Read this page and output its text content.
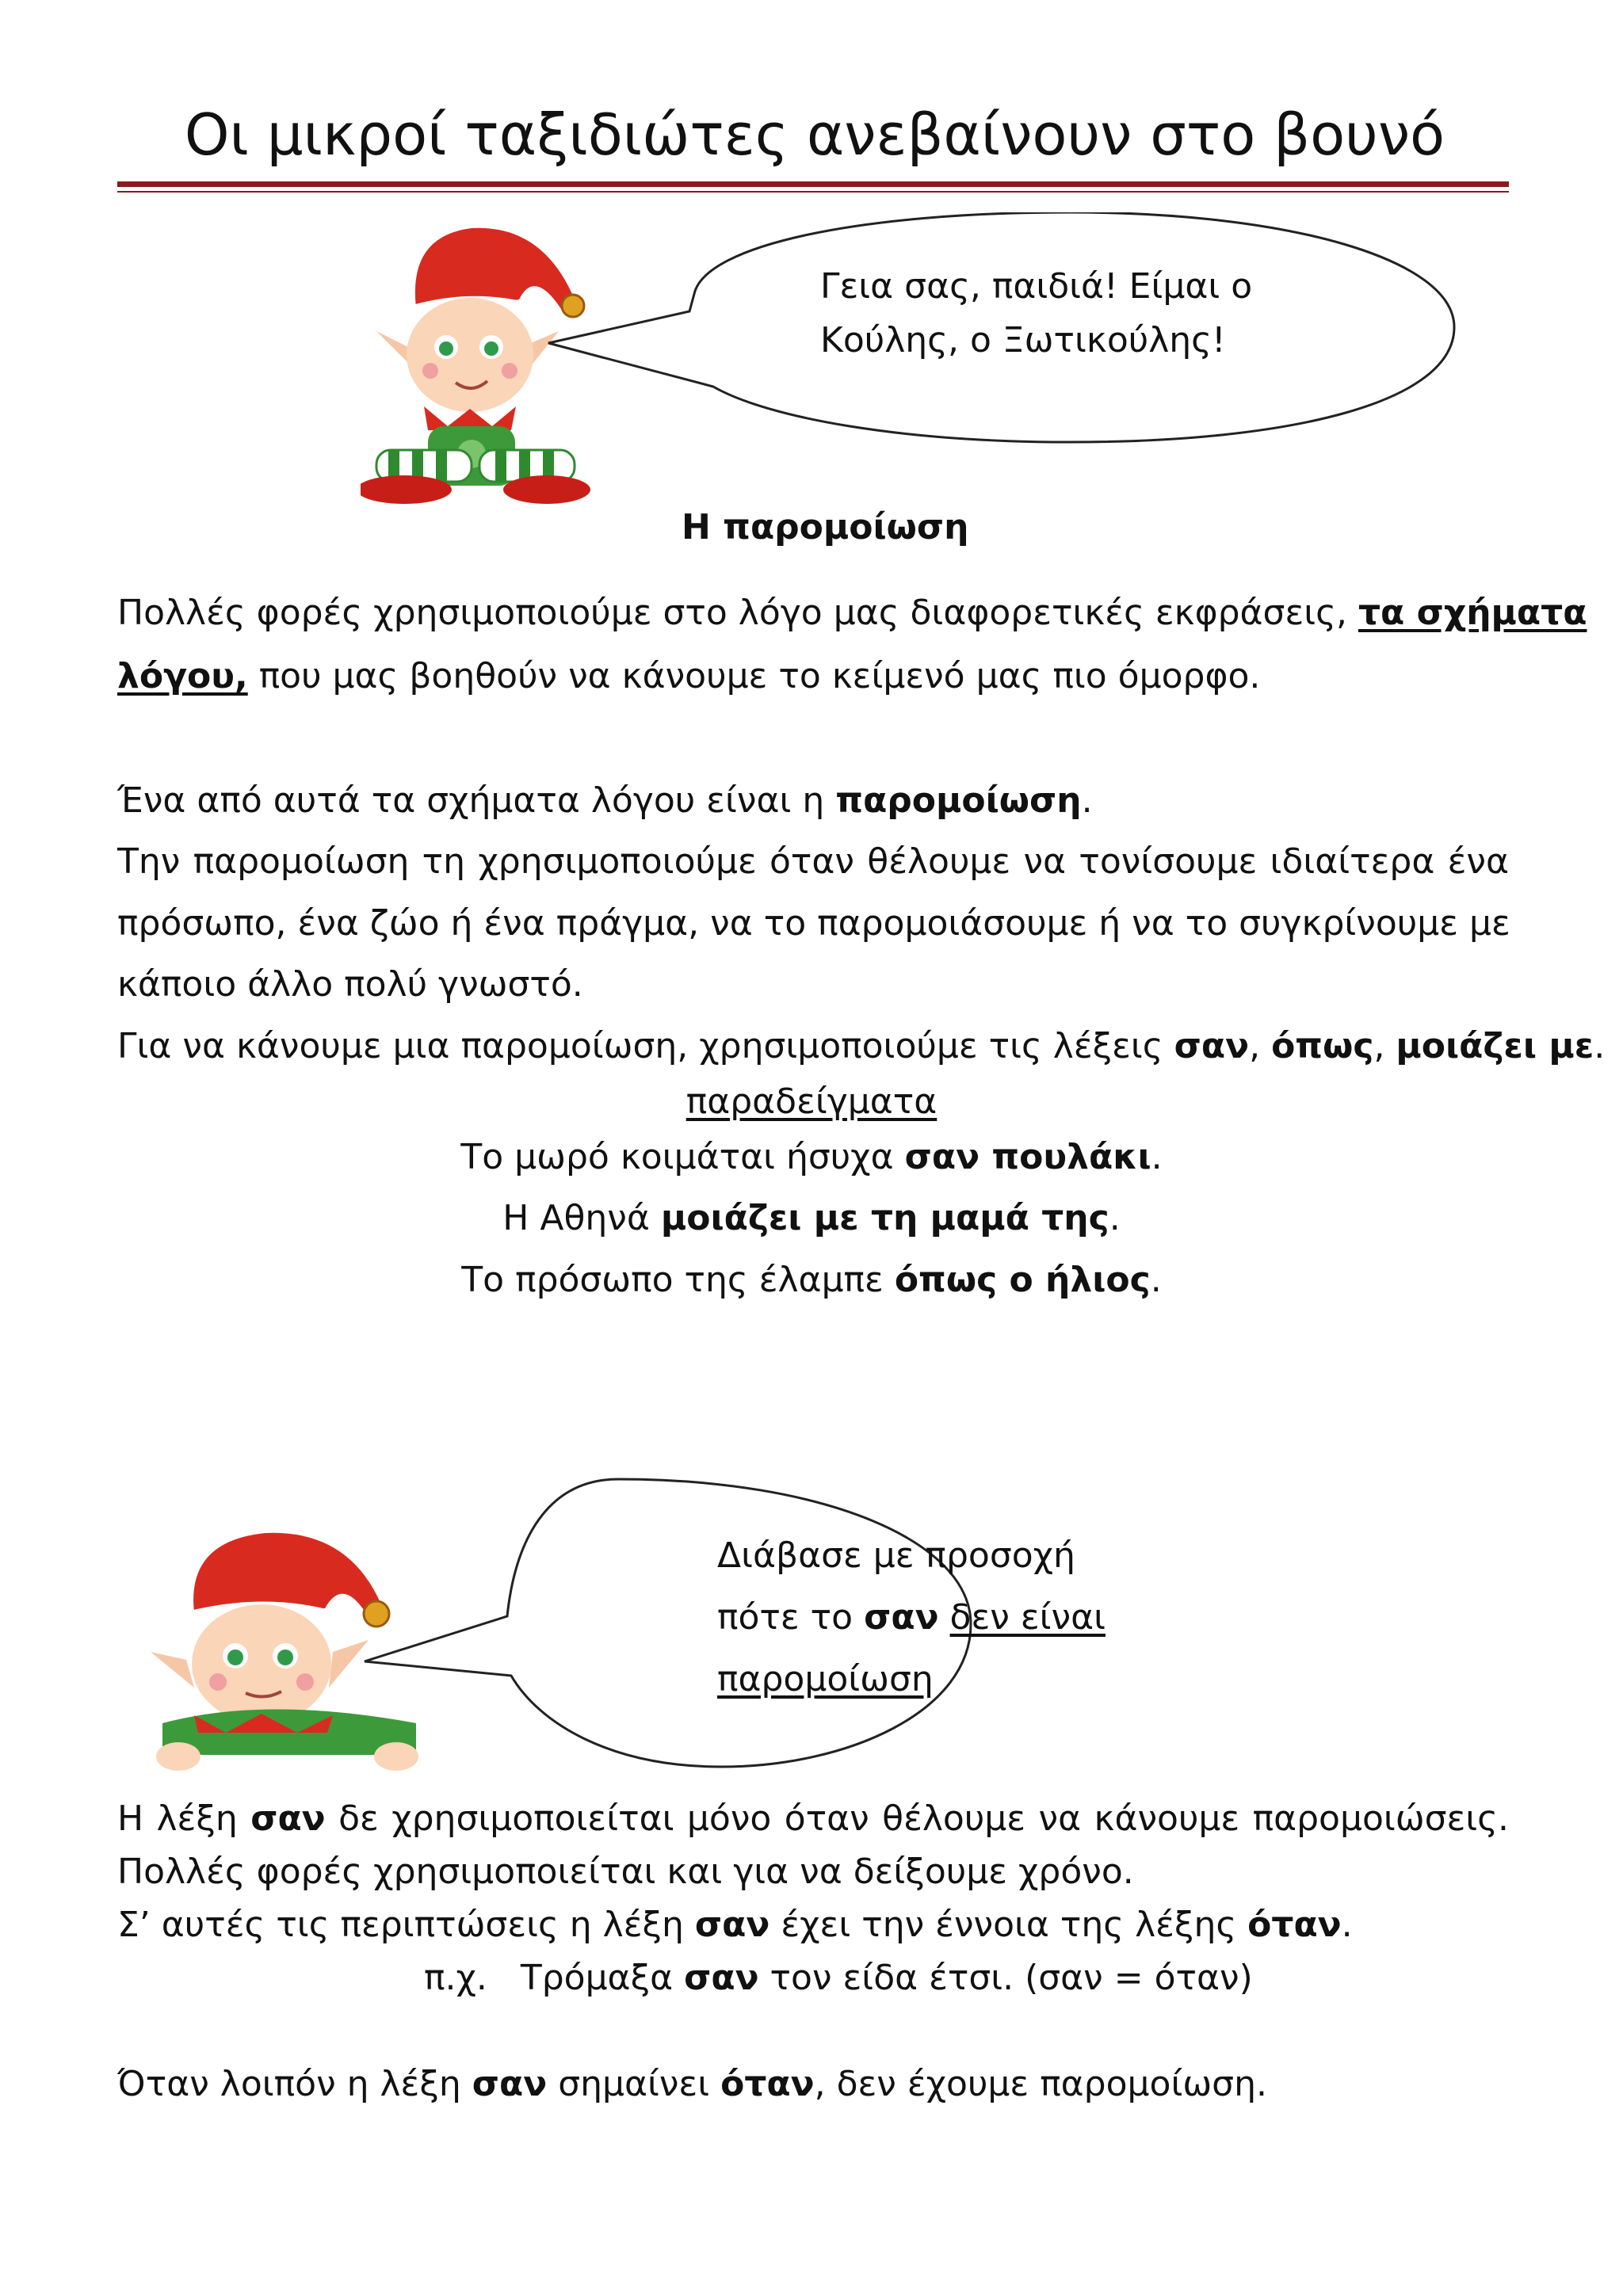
Οι μικροί ταξιδιώτες ανεβαίνουν στο βουνό
Γεια σας, παιδιά! Είμαι ο
Κούλης, ο Ξωτικούλης!
Η παρομοίωση
Πολλές φορές χρησιμοποιούμε στο λόγο μας διαφορετικές εκφράσεις, τα σχήματα
λόγου, που μας βοηθούν να κάνουμε το κείμενό μας πιο όμορφο.
Ένα από αυτά τα σχήματα λόγου είναι η παρομοίωση.
Την παρομοίωση τη χρησιμοποιούμε όταν θέλουμε να τονίσουμε ιδιαίτερα ένα
πρόσωπο, ένα ζώο ή ένα πράγμα, να το παρομοιάσουμε ή να το συγκρίνουμε με
κάποιο άλλο πολύ γνωστό.
Για να κάνουμε μια παρομοίωση, χρησιμοποιούμε τις λέξεις σαν, όπως, μοιάζει με.
παραδείγματα
Το μωρό κοιμάται ήσυχα σαν πουλάκι.
Η Αθηνά μοιάζει με τη μαμά της.
Το πρόσωπο της έλαμπε όπως ο ήλιος.
Διάβασε με προσοχή
πότε το σαν δεν είναι
παρομοίωση
Η λέξη σαν δε χρησιμοποιείται μόνο όταν θέλουμε να κάνουμε παρομοιώσεις.
Πολλές φορές χρησιμοποιείται και για να δείξουμε χρόνο.
Σ’ αυτές τις περιπτώσεις η λέξη σαν έχει την έννοια της λέξης όταν.
π.χ.   Τρόμαξα σαν τον είδα έτσι. (σαν = όταν)
Όταν λοιπόν η λέξη σαν σημαίνει όταν, δεν έχουμε παρομοίωση.
